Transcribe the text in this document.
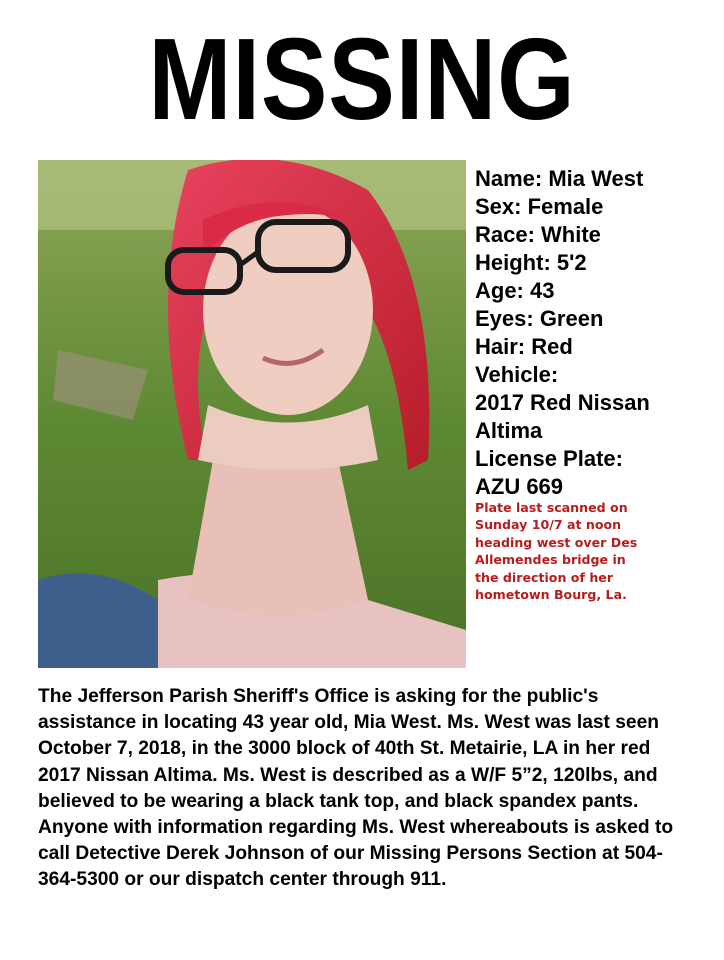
MISSING
Name: Mia West
Sex: Female
Race: White
Height: 5'2
Age: 43
Eyes: Green
Hair: Red
Vehicle:
2017 Red Nissan
Altima
License Plate:
AZU 669
Plate last scanned on
Sunday 10/7 at noon
heading west over Des
Allemendes bridge in
the direction of her
hometown Bourg, La.
The Jefferson Parish Sheriff's Office is asking for the public's assistance in locating 43 year old, Mia West. Ms. West was last seen October 7, 2018, in the 3000 block of 40th St. Metairie, LA in her red 2017 Nissan Altima. Ms. West is described as a W/F 5”2, 120lbs, and believed to be wearing a black tank top, and black spandex pants. Anyone with information regarding Ms. West whereabouts is asked to call Detective Derek Johnson of our Missing Persons Section at 504-364-5300 or our dispatch center through 911.
